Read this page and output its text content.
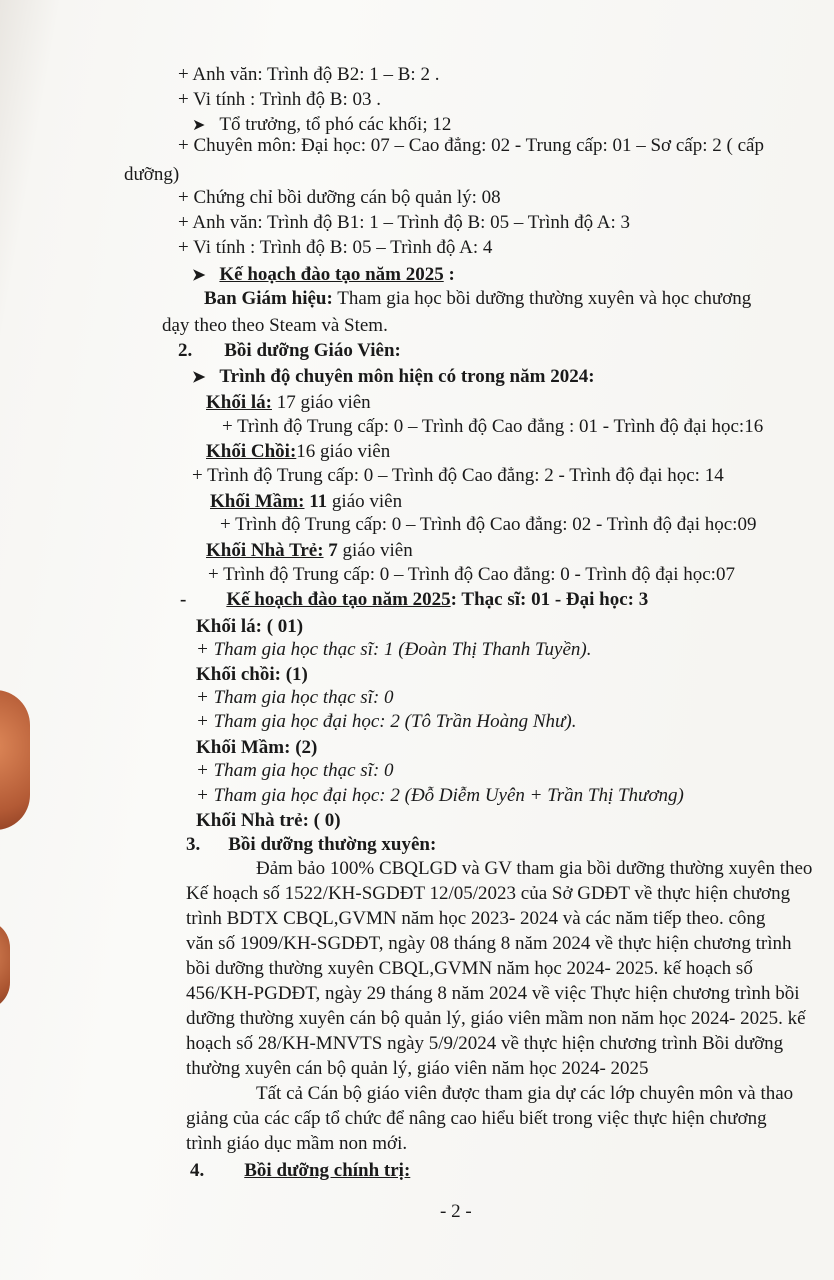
+ Anh văn: Trình độ B2: 1 – B: 2 .
+ Vi tính : Trình độ B: 03 .
➤ Tổ trưởng, tổ phó các khối; 12
+ Chuyên môn: Đại học: 07 – Cao đẳng: 02 - Trung cấp: 01 – Sơ cấp: 2 ( cấp
dưỡng)
+ Chứng chỉ bồi dưỡng cán bộ quản lý: 08
+ Anh văn: Trình độ B1: 1 – Trình độ B: 05 – Trình độ A: 3
+ Vi tính : Trình độ B: 05 – Trình độ A: 4
➤ Kế hoạch đào tạo năm 2025 :
Ban Giám hiệu: Tham gia học bồi dưỡng thường xuyên và học chương
dạy theo theo Steam và Stem.
2. Bồi dưỡng Giáo Viên:
➤ Trình độ chuyên môn hiện có trong năm 2024:
Khối lá: 17 giáo viên
+ Trình độ Trung cấp: 0 – Trình độ Cao đẳng : 01 - Trình độ đại học:16
Khối Chồi:16 giáo viên
+ Trình độ Trung cấp: 0 – Trình độ Cao đẳng: 2 - Trình độ đại học: 14
Khối Mầm: 11 giáo viên
+ Trình độ Trung cấp: 0 – Trình độ Cao đẳng: 02 - Trình độ đại học:09
Khối Nhà Trẻ: 7 giáo viên
+ Trình độ Trung cấp: 0 – Trình độ Cao đẳng: 0 - Trình độ đại học:07
- Kế hoạch đào tạo năm 2025: Thạc sĩ: 01 - Đại học: 3
Khối lá: ( 01)
+ Tham gia học thạc sĩ: 1 (Đoàn Thị Thanh Tuyền).
Khối chồi: (1)
+ Tham gia học thạc sĩ: 0
+ Tham gia học đại học: 2 (Tô Trần Hoàng Như).
Khối Mầm: (2)
+ Tham gia học thạc sĩ: 0
+ Tham gia học đại học: 2 (Đỗ Diễm Uyên + Trần Thị Thương)
Khối Nhà trẻ: ( 0)
3. Bồi dưỡng thường xuyên:
Đảm bảo 100% CBQLGD và GV tham gia bồi dưỡng thường xuyên theo
Kế hoạch số 1522/KH-SGDĐT 12/05/2023 của Sở GDĐT về thực hiện chương
trình BDTX CBQL,GVMN năm học 2023- 2024 và các năm tiếp theo. công
văn số 1909/KH-SGDĐT, ngày 08 tháng 8 năm 2024 về thực hiện chương trình
bồi dưỡng thường xuyên CBQL,GVMN năm học 2024- 2025. kế hoạch số
456/KH-PGDĐT, ngày 29 tháng 8 năm 2024 về việc Thực hiện chương trình bồi
dưỡng thường xuyên cán bộ quản lý, giáo viên mầm non năm học 2024- 2025. kế
hoạch số 28/KH-MNVTS ngày 5/9/2024 về thực hiện chương trình Bồi dưỡng
thường xuyên cán bộ quản lý, giáo viên năm học 2024- 2025
Tất cả Cán bộ giáo viên được tham gia dự các lớp chuyên môn và thao
giảng của các cấp tổ chức để nâng cao hiểu biết trong việc thực hiện chương
trình giáo dục mầm non mới.
4. Bồi dưỡng chính trị:
- 2 -
